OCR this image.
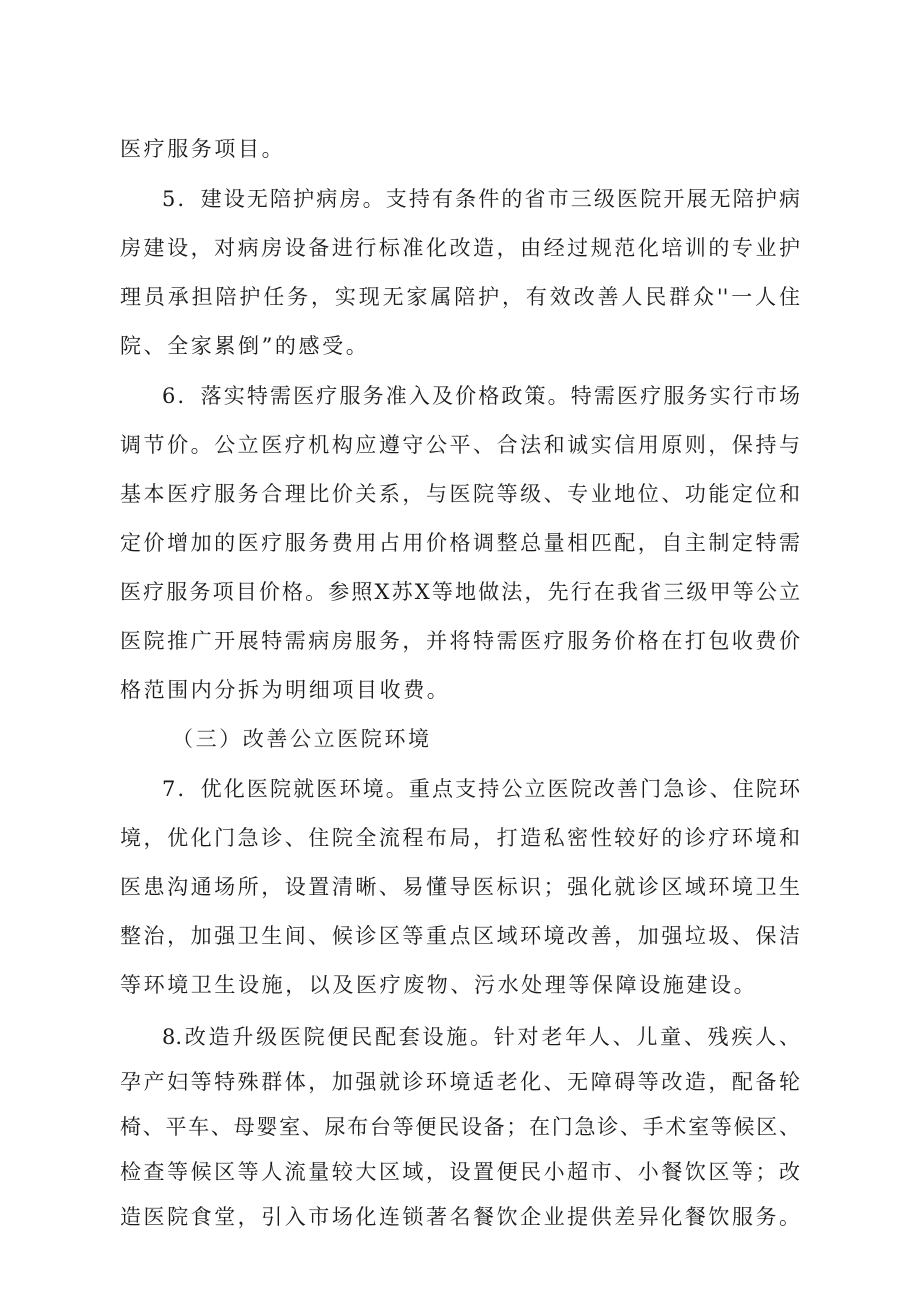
医疗服务项目。
5．建设无陪护病房。支持有条件的省市三级医院开展无陪护病
房建设，对病房设备进行标准化改造，由经过规范化培训的专业护
理员承担陪护任务，实现无家属陪护，有效改善人民群众''一人住
院、全家累倒”的感受。
6．落实特需医疗服务准入及价格政策。特需医疗服务实行市场
调节价。公立医疗机构应遵守公平、合法和诚实信用原则，保持与
基本医疗服务合理比价关系，与医院等级、专业地位、功能定位和
定价增加的医疗服务费用占用价格调整总量相匹配，自主制定特需
医疗服务项目价格。参照X苏X等地做法，先行在我省三级甲等公立
医院推广开展特需病房服务，并将特需医疗服务价格在打包收费价
格范围内分拆为明细项目收费。
（三）改善公立医院环境
7．优化医院就医环境。重点支持公立医院改善门急诊、住院环
境，优化门急诊、住院全流程布局，打造私密性较好的诊疗环境和
医患沟通场所，设置清晰、易懂导医标识；强化就诊区域环境卫生
整治，加强卫生间、候诊区等重点区域环境改善，加强垃圾、保洁
等环境卫生设施，以及医疗废物、污水处理等保障设施建设。
8.改造升级医院便民配套设施。针对老年人、儿童、残疾人、
孕产妇等特殊群体，加强就诊环境适老化、无障碍等改造，配备轮
椅、平车、母婴室、尿布台等便民设备；在门急诊、手术室等候区、
检查等候区等人流量较大区域，设置便民小超市、小餐饮区等；改
造医院食堂，引入市场化连锁著名餐饮企业提供差异化餐饮服务。
